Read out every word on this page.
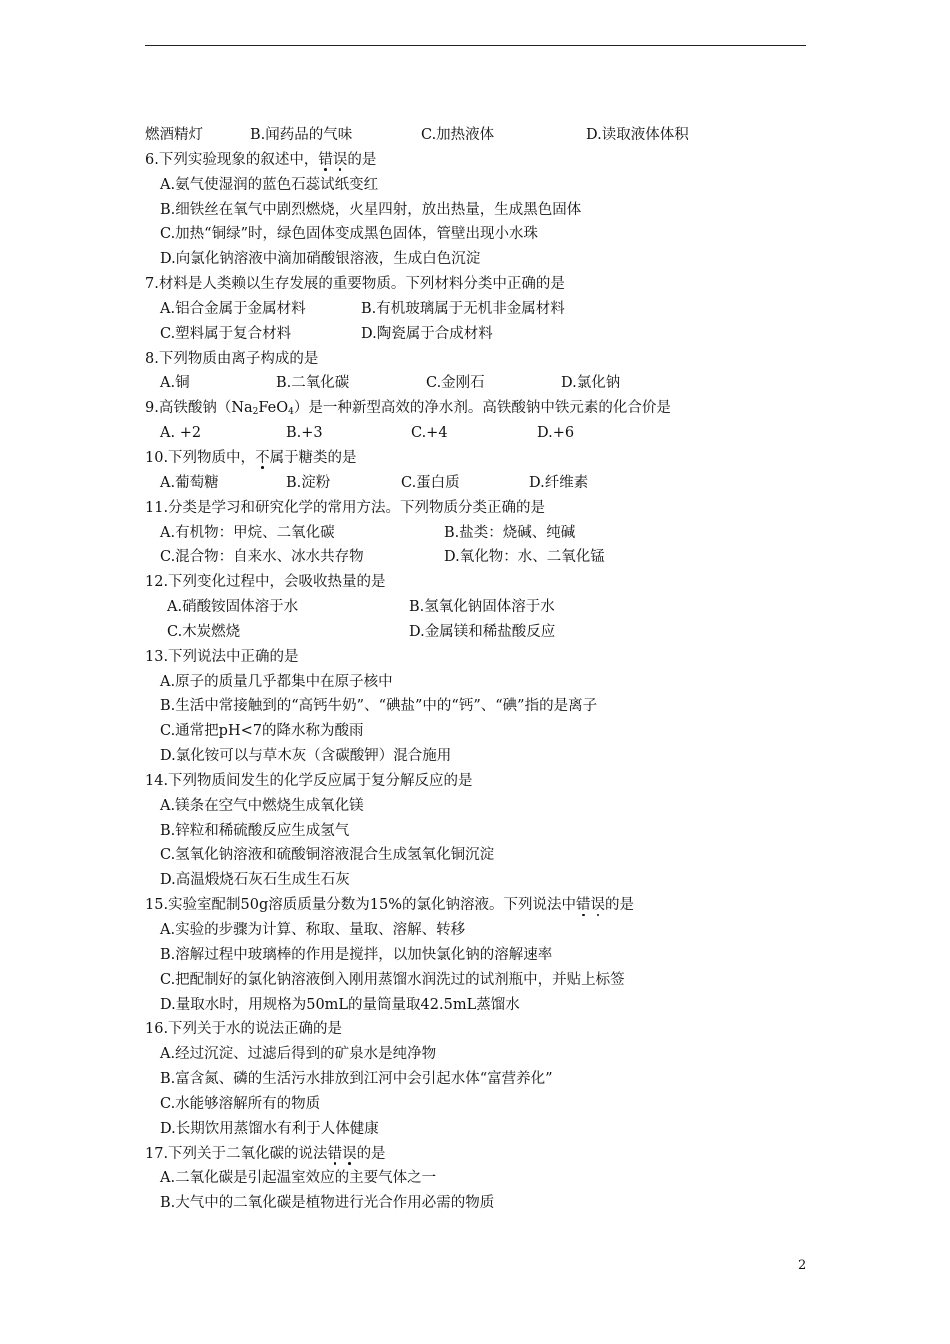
燃酒精灯	B.闻药品的气味	C.加热液体	D.读取液体体积
6.下列实验现象的叙述中，错误的是
A.氨气使湿润的蓝色石蕊试纸变红
B.细铁丝在氧气中剧烈燃烧，火星四射，放出热量，生成黑色固体
C.加热“铜绿”时，绿色固体变成黑色固体，管壁出现小水珠
D.向氯化钠溶液中滴加硝酸银溶液，生成白色沉淀
7.材料是人类赖以生存发展的重要物质。下列材料分类中正确的是
A.铝合金属于金属材料	B.有机玻璃属于无机非金属材料
C.塑料属于复合材料	D.陶瓷属于合成材料
8.下列物质由离子构成的是
A.铜	B.二氧化碳	C.金刚石	D.氯化钠
9.高铁酸钠$(Na_2FeO_4)$是一种新型高效的净水剂。高铁酸钠中铁元素的化合价是
A. +2	B.+3	C.+4	D.+6
10.下列物质中，不属于糖类的是
A.葡萄糖	B.淀粉	C.蛋白质	D.纤维素
11.分类是学习和研究化学的常用方法。下列物质分类正确的是
A.有机物：甲烷、二氧化碳	B.盐类：烧碱、纯碱
C.混合物：自来水、冰水共存物	D.氧化物：水、二氧化锰
12.下列变化过程中，会吸收热量的是
A.硝酸铵固体溶于水	B.氢氧化钠固体溶于水
C.木炭燃烧	D.金属镁和稀盐酸反应
13.下列说法中正确的是
A.原子的质量几乎都集中在原子核中
B.生活中常接触到的“高钙牛奶”、“碘盐”中的“钙”、“碘”指的是离子
C.通常把pH<7的降水称为酸雨
D.氯化铵可以与草木灰（含碳酸钾）混合施用
14.下列物质间发生的化学反应属于复分解反应的是
A.镁条在空气中燃烧生成氧化镁
B.锌粒和稀硫酸反应生成氢气
C.氢氧化钠溶液和硫酸铜溶液混合生成氢氧化铜沉淀
D.高温煅烧石灰石生成生石灰
15.实验室配制50g溶质质量分数为15%的氯化钠溶液。下列说法中错误的是
A.实验的步骤为计算、称取、量取、溶解、转移
B.溶解过程中玻璃棒的作用是搅拌，以加快氯化钠的溶解速率
C.把配制好的氯化钠溶液倒入刚用蒸馏水润洗过的试剂瓶中，并贴上标签
D.量取水时，用规格为50mL的量筒量取42.5mL蒸馏水
16.下列关于水的说法正确的是
A.经过沉淀、过滤后得到的矿泉水是纯净物
B.富含氮、磷的生活污水排放到江河中会引起水体“富营养化”
C.水能够溶解所有的物质
D.长期饮用蒸馏水有利于人体健康
17.下列关于二氧化碳的说法错误的是
A.二氧化碳是引起温室效应的主要气体之一
B.大气中的二氧化碳是植物进行光合作用必需的物质
2
